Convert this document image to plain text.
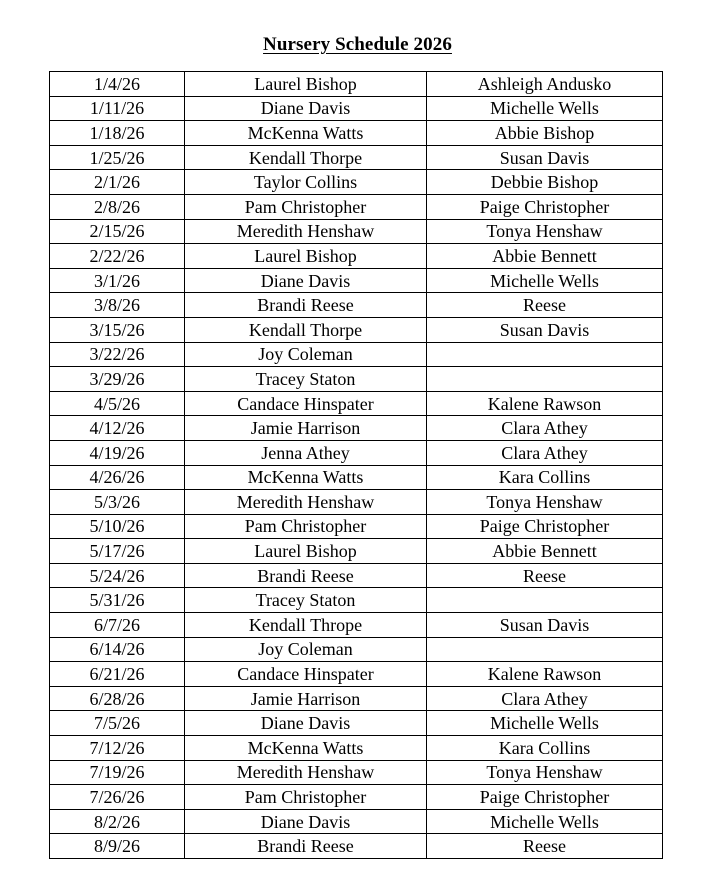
Nursery Schedule 2026
1/4/26	Laurel Bishop	Ashleigh Andusko
1/11/26	Diane Davis	Michelle Wells
1/18/26	McKenna Watts	Abbie Bishop
1/25/26	Kendall Thorpe	Susan Davis
2/1/26	Taylor Collins	Debbie Bishop
2/8/26	Pam Christopher	Paige Christopher
2/15/26	Meredith Henshaw	Tonya Henshaw
2/22/26	Laurel Bishop	Abbie Bennett
3/1/26	Diane Davis	Michelle Wells
3/8/26	Brandi Reese	Reese
3/15/26	Kendall Thorpe	Susan Davis
3/22/26	Joy Coleman	
3/29/26	Tracey Staton	
4/5/26	Candace Hinspater	Kalene Rawson
4/12/26	Jamie Harrison	Clara Athey
4/19/26	Jenna Athey	Clara Athey
4/26/26	McKenna Watts	Kara Collins
5/3/26	Meredith Henshaw	Tonya Henshaw
5/10/26	Pam Christopher	Paige Christopher
5/17/26	Laurel Bishop	Abbie Bennett
5/24/26	Brandi Reese	Reese
5/31/26	Tracey Staton	
6/7/26	Kendall Thrope	Susan Davis
6/14/26	Joy Coleman	
6/21/26	Candace Hinspater	Kalene Rawson
6/28/26	Jamie Harrison	Clara Athey
7/5/26	Diane Davis	Michelle Wells
7/12/26	McKenna Watts	Kara Collins
7/19/26	Meredith Henshaw	Tonya Henshaw
7/26/26	Pam Christopher	Paige Christopher
8/2/26	Diane Davis	Michelle Wells
8/9/26	Brandi Reese	Reese
